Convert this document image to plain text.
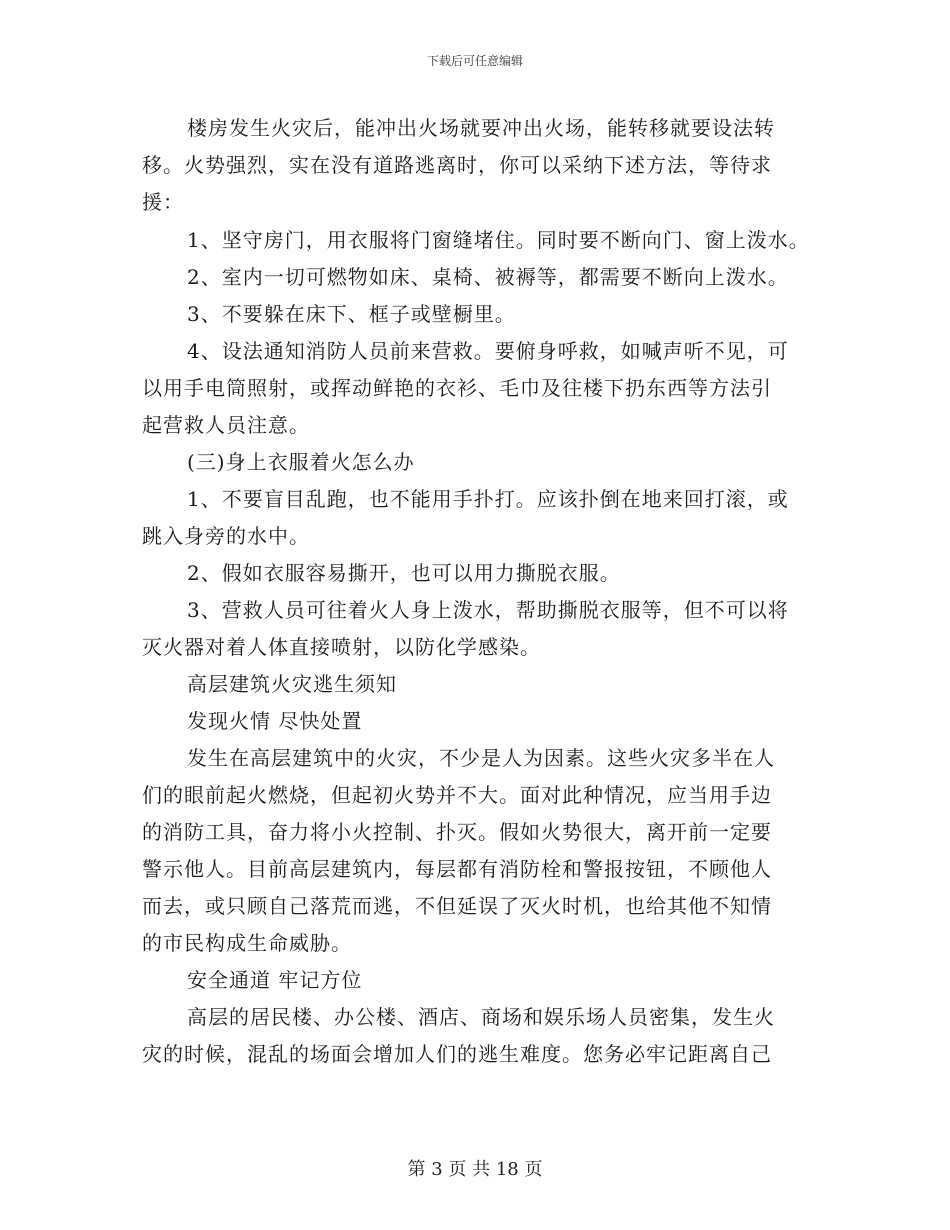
下载后可任意编辑
楼房发生火灾后，能冲出火场就要冲出火场，能转移就要设法转
移。火势强烈，实在没有道路逃离时，你可以采纳下述方法，等待求
援：
1、坚守房门，用衣服将门窗缝堵住。同时要不断向门、窗上泼水。
2、室内一切可燃物如床、桌椅、被褥等，都需要不断向上泼水。
3、不要躲在床下、框子或壁橱里。
4、设法通知消防人员前来营救。要俯身呼救，如喊声听不见，可
以用手电筒照射，或挥动鲜艳的衣衫、毛巾及往楼下扔东西等方法引
起营救人员注意。
(三)身上衣服着火怎么办
1、不要盲目乱跑，也不能用手扑打。应该扑倒在地来回打滚，或
跳入身旁的水中。
2、假如衣服容易撕开，也可以用力撕脱衣服。
3、营救人员可往着火人身上泼水，帮助撕脱衣服等，但不可以将
灭火器对着人体直接喷射，以防化学感染。
高层建筑火灾逃生须知
发现火情 尽快处置
发生在高层建筑中的火灾，不少是人为因素。这些火灾多半在人
们的眼前起火燃烧，但起初火势并不大。面对此种情况，应当用手边
的消防工具，奋力将小火控制、扑灭。假如火势很大，离开前一定要
警示他人。目前高层建筑内，每层都有消防栓和警报按钮，不顾他人
而去，或只顾自己落荒而逃，不但延误了灭火时机，也给其他不知情
的市民构成生命威胁。
安全通道 牢记方位
高层的居民楼、办公楼、酒店、商场和娱乐场人员密集，发生火
灾的时候，混乱的场面会增加人们的逃生难度。您务必牢记距离自己
第 3 页 共 18 页
